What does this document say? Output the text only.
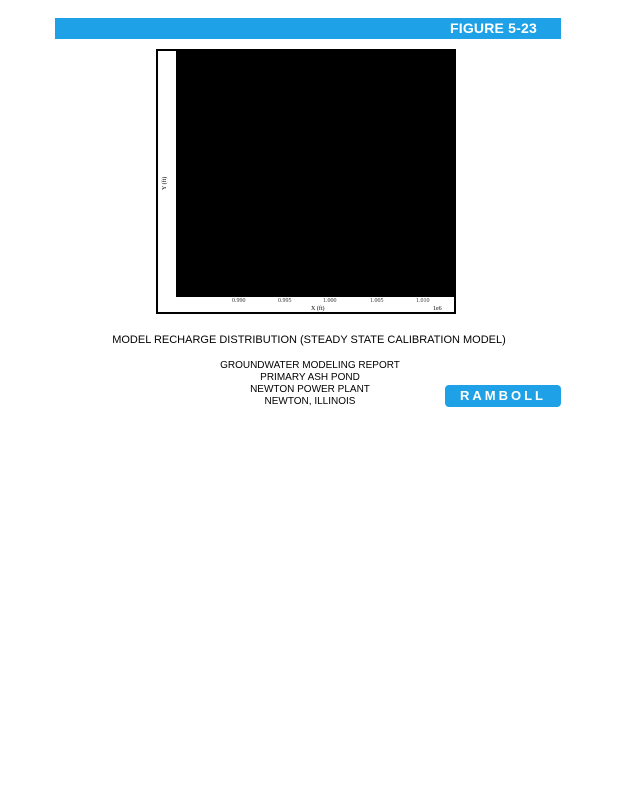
FIGURE 5-23
Y (ft)
0.990	0.995	1.000	1.005	1.010
X (ft)	1e6
MODEL RECHARGE DISTRIBUTION (STEADY STATE CALIBRATION MODEL)
GROUNDWATER MODELING REPORT
PRIMARY ASH POND
NEWTON POWER PLANT
NEWTON, ILLINOIS	RAMBOLL
